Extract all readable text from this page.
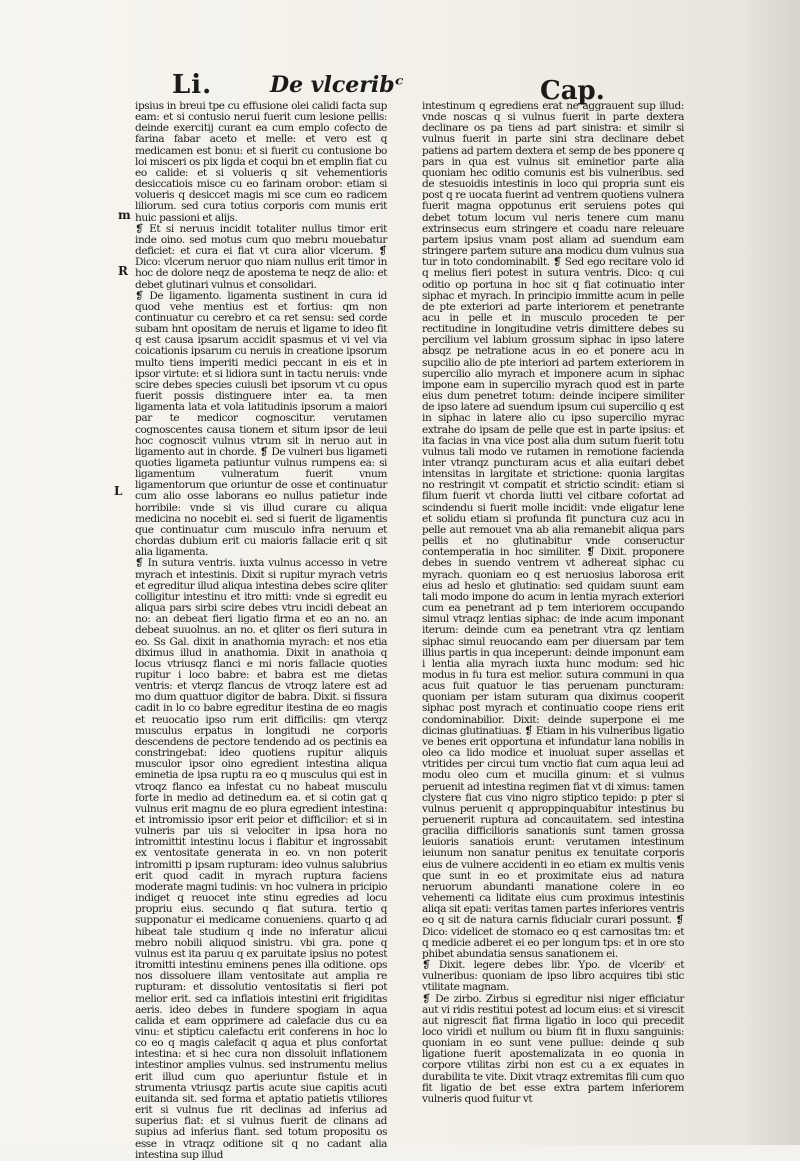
Li.	De vlceribᶜ	Cap.
m
R
L

ipsius in breui tpe cu effusione olei calidi facta sup eam: et si contusio nerui fuerit cum lesione pellis: deinde exercitij curant ea cum emplo cofecto de farina fabar aceto et melle: et vero est q medicamen est bonu: et si fuerit cu contusione bo loi misceri os pix ligda et coqui bn et emplin fiat cu eo calide: et si volueris q sit vehementioris desiccatiois misce cu eo farinam orobor: etiam si volueris q desiccet magis mi sce cum eo radicem liliorum. sed cura totius corporis com munis erit huic passioni et alijs.

❡ Et si neruus incidit totaliter nullus timor erit inde oino. sed motus cum quo mebru mouebatur deficiet: et cura ei fiat vt cura alior vlcerum. ❡ Dico: vlcerum neruor quo niam nullus erit timor in hoc de dolore neqz de apostema te neqz de alio: et debet glutinari vulnus et consolidari.

❡ De ligamento. ligamenta sustinent in cura id quod vehe mentius est et fortius: qm non continuatur cu cerebro et ca ret sensu: sed corde subam hnt opositam de neruis et ligame to ideo fit q est causa ipsarum accidit spasmus et vi vel via coicationis ipsarum cu neruis in creatione ipsorum multo tiens imperiti medici peccant in eis et in ipsor virtute: et si lidiora sunt in tactu neruis: vnde scire debes species cuiusli bet ipsorum vt cu opus fuerit possis distinguere inter ea. ta men ligamenta lata et vola latitudinis ipsorum a maiori par te medicor cognoscitur. verutamen cognoscentes causa tionem et situm ipsor de leui hoc cognoscit vulnus vtrum sit in neruo aut in ligamento aut in chorde. ❡ De vulneri bus ligameti quoties ligameta patiuntur vulnus rumpens ea: si ligamentum vulneratum fuerit vnum ligamentorum que oriuntur de osse et continuatur cum alio osse laborans eo nullus patietur inde horribile: vnde si vis illud curare cu aliqua medicina no nocebit ei. sed si fuerit de ligamentis que continuatur cum musculo infra neruum et chordas dubium erit cu maioris fallacie erit q sit alia ligamenta.

❡ In sutura ventris. iuxta vulnus accesso in vetre myrach et intestinis. Dixit si rupitur myrach vetris et egreditur illud aliqua intestina debes scire qliter colligitur intestinu et itro mitti: vnde si egredit eu aliqua pars sirbi scire debes vtru incidi debeat an no: an debeat fieri ligatio firma et eo an no. an debeat suuolnus. an no. et qliter os fieri sutura in eo. Ss Gal. dixit in anathomia myrach: et nos etia diximus illud in anathomia. Dixit in anathoia q locus vtriusqz flanci e mi noris fallacie quoties rupitur i loco babre: et babra est me dietas ventris: et vterqz flancus de vtroqz latere est ad mo dum quattuor digitor de babra. Dixit. si fissura cadit in lo co babre egreditur itestina de eo magis et reuocatio ipso rum erit difficilis: qm vterqz musculus erpatus in longitudi ne corporis descendens de pectore tendendo ad os pectinis ea constringebat: ideo quotiens rupitur aliquis musculor ipsor oino egredient intestina aliqua eminetia de ipsa ruptu ra eo q musculus qui est in vtroqz flanco ea infestat cu no habeat musculu forte in medio ad detinedum ea. et si cotin gat q vulnus erit magnu de eo plura egredient intestina: et intromissio ipsor erit peior et difficilior: et si in vulneris par uis si velociter in ipsa hora no intromittit intestinu locus i flabitur et ingrossabit ex ventositate generata in eo. vn non poterit intromitti p ipsam rupturam: ideo vulnus salubrius erit quod cadit in myrach ruptura faciens moderate magni tudinis: vn hoc vulnera in pricipio indiget q reuocet inte stinu egredies ad locu propriu eius. secundo q fiat sutura. tertio q supponatur ei medicame conueniens. quarto q ad hibeat tale studium q inde no inferatur alicui mebro nobili aliquod sinistru. vbi gra. pone q vulnus est ita paruu q ex paruitate ipsius no potest itromitti intestinu eminens penes illa oditione. ops nos dissoluere illam ventositate aut amplia re rupturam: et dissolutio ventositatis si fieri pot melior erit. sed ca inflatiois intestini erit frigiditas aeris. ideo debes in fundere spogiam in aqua calida et eam opprimere ad calefacie dus cu ea vinu: et stipticu calefactu erit conferens in hoc lo co eo q magis calefacit q aqua et plus confortat intestina: et si hec cura non dissoluit inflationem intestinor amplies vulnus. sed instrumentu melius erit illud cum quo aperiuntur fistule et in strumenta vtriusqz partis acute siue capitis acuti euitanda sit. sed forma et aptatio patietis vtiliores erit si vulnus fue rit declinas ad inferius ad superius fiat: et si vulnus fuerit de clinans ad supius ad inferius fiant. sed totum propositu os esse in vtraqz oditione sit q no cadant alia intestina sup illud

intestinum q egrediens erat ne aggrauent sup illud: vnde noscas q si vulnus fuerit in parte dextera declinare os pa tiens ad part sinistra: et similr si vulnus fuerit in parte sini stra declinare debet patiens ad partem dextera et semp de bes pponere q pars in qua est vulnus sit eminetior parte alia quoniam hec oditio comunis est bis vulneribus. sed de stesuoidis intestinis in loco qui propria sunt eis post q re uocata fuerint ad ventrem quotiens vulnera fuerit magna oppotunus erit seruiens potes qui debet totum locum vul neris tenere cum manu extrinsecus eum stringere et coadu nare releuare partem ipsius vnam post aliam ad suendum eam stringere partem suture ana modicu dum vulnus sua tur in toto condominabilt. ❡ Sed ego recitare volo id q melius fieri potest in sutura ventris. Dico: q cui oditio op portuna in hoc sit q fiat cotinuatio inter siphac et myrach. In principio immitte acum in pelle de pte exteriori ad parte interiorem et penetrante acu in pelle et in musculo proceden te per rectitudine in longitudine vetris dimittere debes su percilium vel labium grossum siphac in ipso latere absqz pe netratione acus in eo et ponere acu in supcilio alio de pte interiori ad partem exteriorem in supercilio alio myrach et imponere acum in siphac impone eam in supercilio myrach quod est in parte eius dum penetret totum: deinde incipere similiter de ipso latere ad suendum ipsum cui supercilio q est in siphac in latere alio cu ipso supercilio myrac extrahe do ipsam de pelle que est in parte ipsius: et ita facias in vna vice post alia dum sutum fuerit totu vulnus tali modo ve rutamen in remotione facienda inter vtranqz puncturam acus et alia euitari debet intensitas in largitate et strictione: quonia largitas no restringit vt compatit et strictio scindit: etiam si filum fuerit vt chorda liutti vel citbare cofortat ad scindendu si fuerit molle incidit: vnde eligatur lene et solidu etiam si profunda fit punctura cuz acu in pelle aut remouet vna ab alia remanebit aliqua pars pellis et no glutinabitur vnde conseructur contemperatia in hoc similiter. ❡ Dixit. proponere debes in suendo ventrem vt adhereat siphac cu myrach. quoniam eo q est neruosius laborosa erit eius ad heslo et glutinatio: sed quidam suunt eam tali modo impone do acum in lentia myrach exteriori cum ea penetrant ad p tem interiorem occupando simul vtraqz lentias siphac: de inde acum imponant iterum: deinde cum ea penetrant vtra qz lentiam siphac simul reuocando eam per diuersam par tem illius partis in qua inceperunt: deinde imponunt eam i lentia alia myrach iuxta hunc modum: sed hic modus in fu tura est melior. sutura communi in qua acus fuit quatuor le tias peruenam puncturam: quoniam per istam suturam qua diximus cooperit siphac post myrach et continuatio coope riens erit condominabilior. Dixit: deinde superpone ei me dicinas glutinatiuas. ❡ Etiam in his vulneribus ligatio ve benes erit opportuna et infundatur lana nobilis in oleo ca lido modice et inuoluat super assellas et vtritides per circui tum vnctio fiat cum aqua leui ad modu oleo cum et mucilla ginum: et si vulnus peruenit ad intestina regimen fiat vt di ximus: tamen clystere fiat cus vino nigro stiptico tepido: p pter si vulnus peruenit q approppinquabitur intestinus bu peruenerit ruptura ad concauitatem. sed intestina gracilia difficilioris sanationis sunt tamen grossa leuioris sanatiois erunt: verutamen intestinum ieiunum non sanatur penitus ex tenuitate corporis eius de vulnere accidenti in eo etiam ex multis venis que sunt in eo et proximitate eius ad natura neruorum abundanti manatione colere in eo vehementi ca liditate eius cum proximus intestinis aliqa sit epati: veritas tamen partes inferiores ventris eo q sit de natura carnis fiducialr curari possunt. ❡ Dico: videlicet de stomaco eo q est carnositas tm: et q medicie adberet ei eo per longum tps: et in ore sto phibet abundatia sensus sanationem ei.

❡ Dixit. legere debes libr. Ypo. de vlceribᶜ et vulneribus: quoniam de ipso libro acquires tibi stic vtilitate magnam.

❡ De zirbo. Zirbus si egreditur nisi niger efficiatur aut vi ridis restitui potest ad locum eius: et si virescit aut nigrescit fiat firma ligatio in loco qui precedit loco viridi et nullum ou bium fit in fluxu sanguinis: quoniam in eo sunt vene pullue: deinde q sub ligatione fuerit apostemalizata in eo quonia in corpore vtilitas zirbi non est cu a ex equates in durabilita te vite. Dixit vtraqz extremitas fili cum quo fit ligatio de bet esse extra partem inferiorem vulneris quod fuitur vt
